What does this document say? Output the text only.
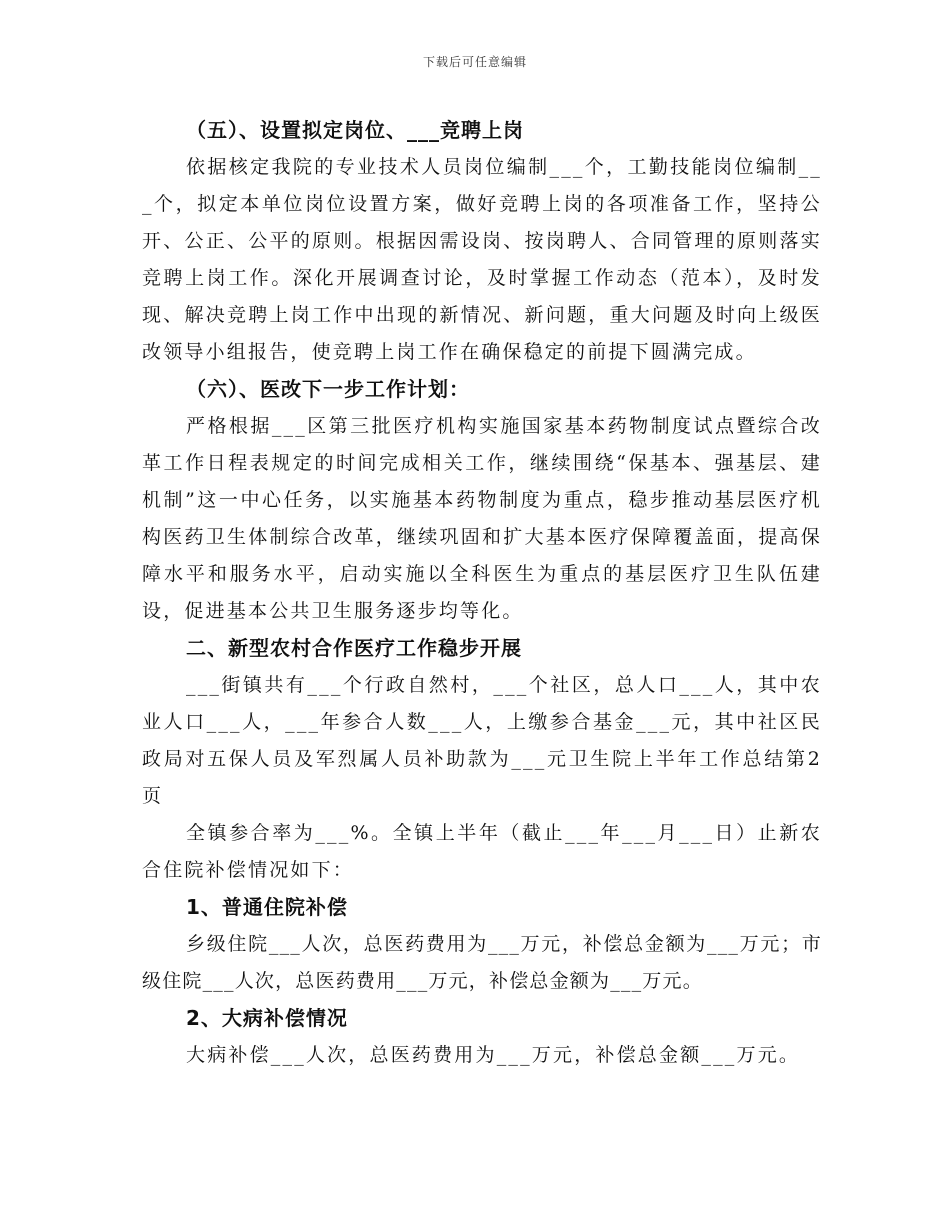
下载后可任意编辑

（五）、设置拟定岗位、___竞聘上岗

依据核定我院的专业技术人员岗位编制___个，工勤技能岗位编制___个，拟定本单位岗位设置方案，做好竞聘上岗的各项准备工作，坚持公开、公正、公平的原则。根据因需设岗、按岗聘人、合同管理的原则落实竞聘上岗工作。深化开展调查讨论，及时掌握工作动态（范本），及时发现、解决竞聘上岗工作中出现的新情况、新问题，重大问题及时向上级医改领导小组报告，使竞聘上岗工作在确保稳定的前提下圆满完成。

（六）、医改下一步工作计划：

严格根据___区第三批医疗机构实施国家基本药物制度试点暨综合改革工作日程表规定的时间完成相关工作，继续围绕“保基本、强基层、建机制”这一中心任务，以实施基本药物制度为重点，稳步推动基层医疗机构医药卫生体制综合改革，继续巩固和扩大基本医疗保障覆盖面，提高保障水平和服务水平，启动实施以全科医生为重点的基层医疗卫生队伍建设，促进基本公共卫生服务逐步均等化。

二、新型农村合作医疗工作稳步开展

___街镇共有___个行政自然村，___个社区，总人口___人，其中农业人口___人，___年参合人数___人，上缴参合基金___元，其中社区民政局对五保人员及军烈属人员补助款为___元卫生院上半年工作总结第2页

全镇参合率为___%。全镇上半年（截止___年___月___日）止新农合住院补偿情况如下：

1、普通住院补偿

乡级住院___人次，总医药费用为___万元，补偿总金额为___万元；市级住院___人次，总医药费用___万元，补偿总金额为___万元。

2、大病补偿情况

大病补偿___人次，总医药费用为___万元，补偿总金额___万元。
